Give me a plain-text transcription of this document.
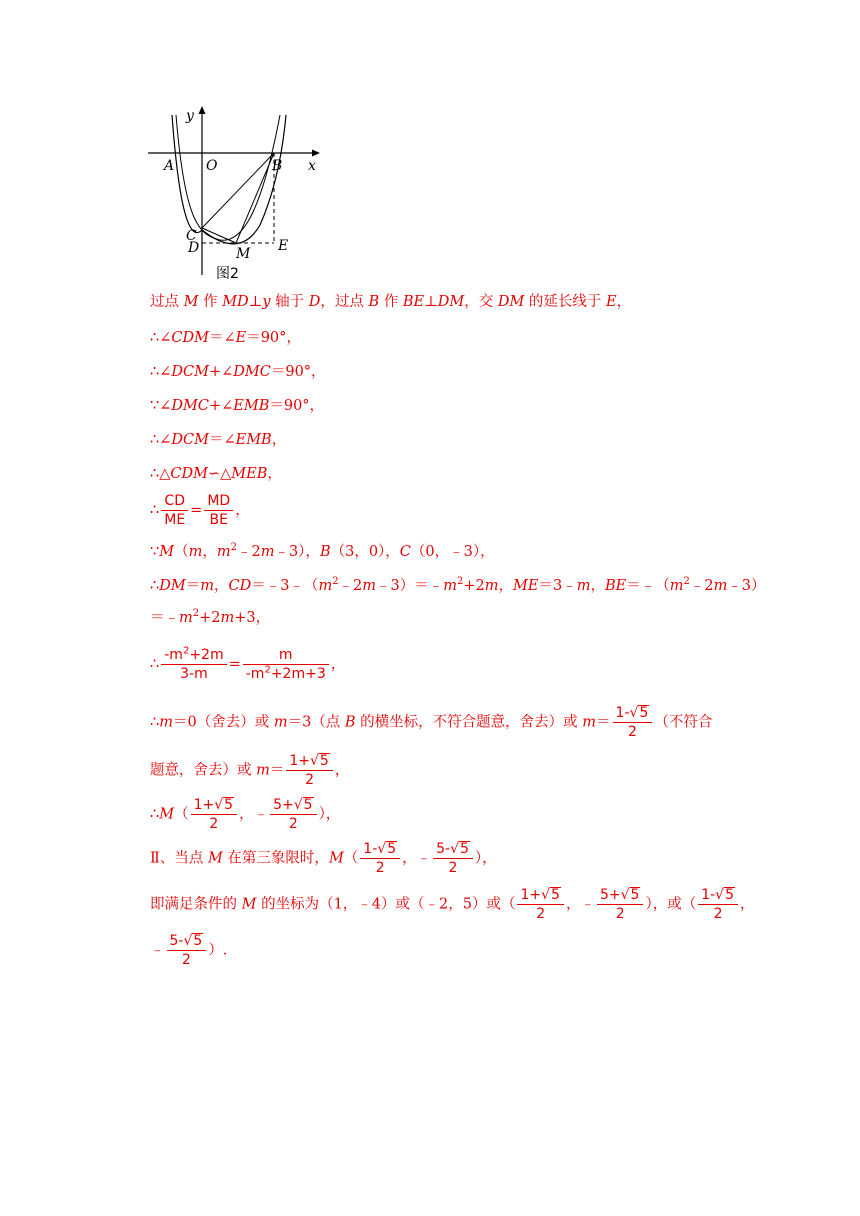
y
x
A O	B
C
D	M E
图2
过点 M 作 MD⊥y 轴于 D，过点 B 作 BE⊥DM，交 DM 的延长线于 E，
∴∠CDM＝∠E＝90°，
∴∠DCM+∠DMC＝90°，
∵∠DMC+∠EMB＝90°，
∴∠DCM＝∠EMB，
∴△CDM∽△MEB，
∴ $\frac{CD}{ME} = \frac{MD}{BE}$ ，
∵M（m，$m^2﹣2m﹣3$），B（3，0），C（0，﹣3），
∴DM＝m，$CD=﹣3﹣(m^2﹣2m﹣3)=﹣m^2+2m$，ME＝3﹣m，$BE=﹣(m^2﹣2m﹣3)$
$=﹣m^2+2m+3$，
∴ $\frac{-m^2+2m}{3-m} = \frac{m}{-m^2+2m+3}$ ，
∴m＝0（舍去）或 m＝3（点 B 的横坐标，不符合题意，舍去）或 $m= \frac{1-√5}{2}$ （不符合
题意，舍去）或 $m= \frac{1+√5}{2}$ ，
∴M（ $\frac{1+√5}{2}$ ，﹣ $\frac{5+√5}{2}$ ），
Ⅱ、当点 M 在第三象限时，$M( \frac{1-√5}{2}$ ，﹣ $\frac{5-√5}{2}$ ），
即满足条件的 M 的坐标为（1，﹣4）或（﹣2，5）或（ $\frac{1+√5}{2}$ ，﹣ $\frac{5+√5}{2}$ ），或（ $\frac{1-√5}{2}$ ，
﹣ $\frac{5-√5}{2}$ ）.
